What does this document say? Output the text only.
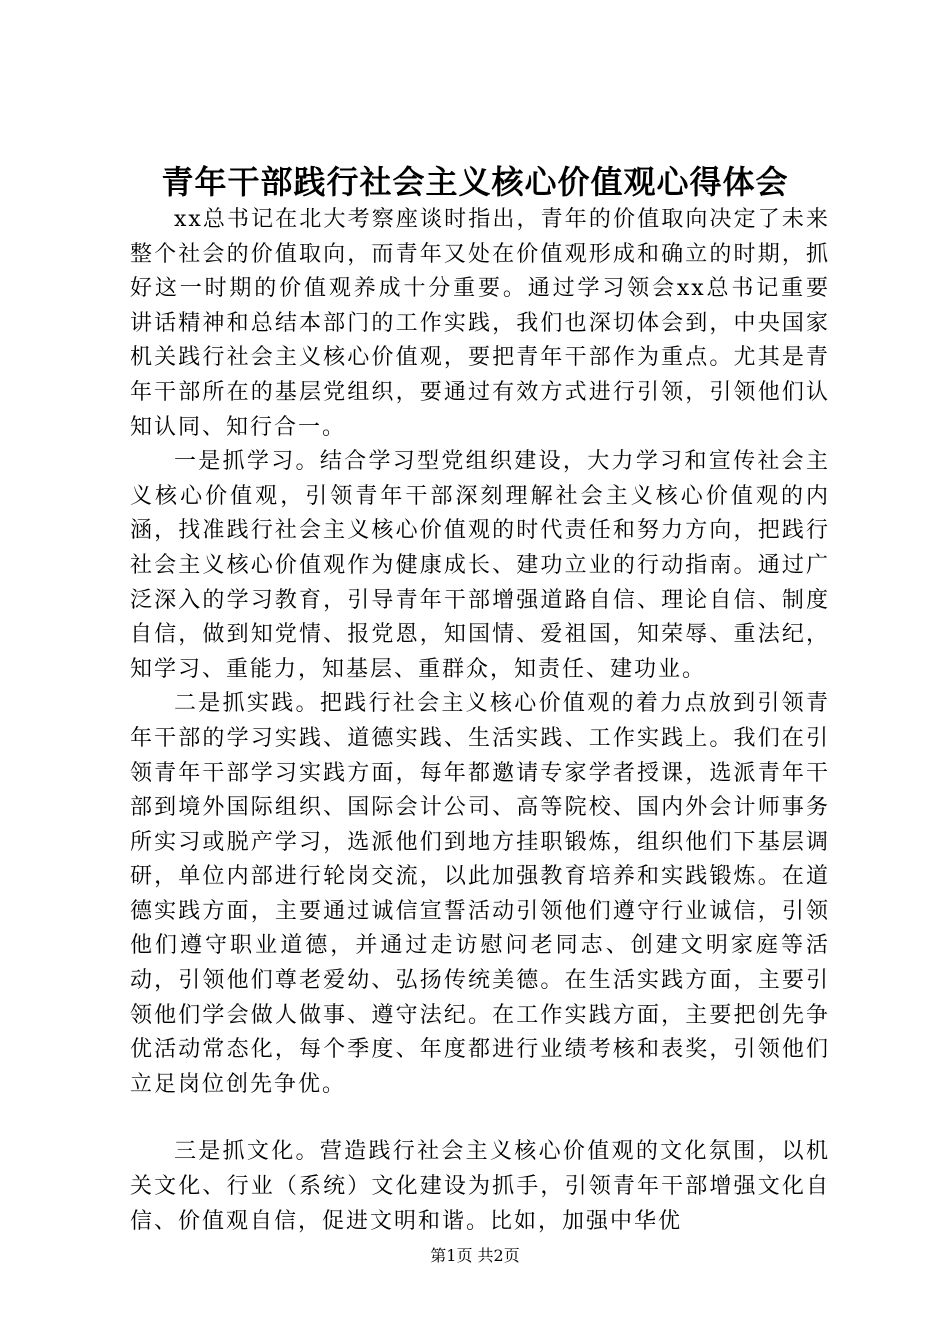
青年干部践行社会主义核心价值观心得体会

xx总书记在北大考察座谈时指出，青年的价值取向决定了未来整个社会的价值取向，而青年又处在价值观形成和确立的时期，抓好这一时期的价值观养成十分重要。通过学习领会xx总书记重要讲话精神和总结本部门的工作实践，我们也深切体会到，中央国家机关践行社会主义核心价值观，要把青年干部作为重点。尤其是青年干部所在的基层党组织，要通过有效方式进行引领，引领他们认知认同、知行合一。

一是抓学习。结合学习型党组织建设，大力学习和宣传社会主义核心价值观，引领青年干部深刻理解社会主义核心价值观的内涵，找准践行社会主义核心价值观的时代责任和努力方向，把践行社会主义核心价值观作为健康成长、建功立业的行动指南。通过广泛深入的学习教育，引导青年干部增强道路自信、理论自信、制度自信，做到知党情、报党恩，知国情、爱祖国，知荣辱、重法纪，知学习、重能力，知基层、重群众，知责任、建功业。

二是抓实践。把践行社会主义核心价值观的着力点放到引领青年干部的学习实践、道德实践、生活实践、工作实践上。我们在引领青年干部学习实践方面，每年都邀请专家学者授课，选派青年干部到境外国际组织、国际会计公司、高等院校、国内外会计师事务所实习或脱产学习，选派他们到地方挂职锻炼，组织他们下基层调研，单位内部进行轮岗交流，以此加强教育培养和实践锻炼。在道德实践方面，主要通过诚信宣誓活动引领他们遵守行业诚信，引领他们遵守职业道德，并通过走访慰问老同志、创建文明家庭等活动，引领他们尊老爱幼、弘扬传统美德。在生活实践方面，主要引领他们学会做人做事、遵守法纪。在工作实践方面，主要把创先争优活动常态化，每个季度、年度都进行业绩考核和表奖，引领他们立足岗位创先争优。

三是抓文化。营造践行社会主义核心价值观的文化氛围，以机关文化、行业（系统）文化建设为抓手，引领青年干部增强文化自信、价值观自信，促进文明和谐。比如，加强中华优

第1页 共2页
